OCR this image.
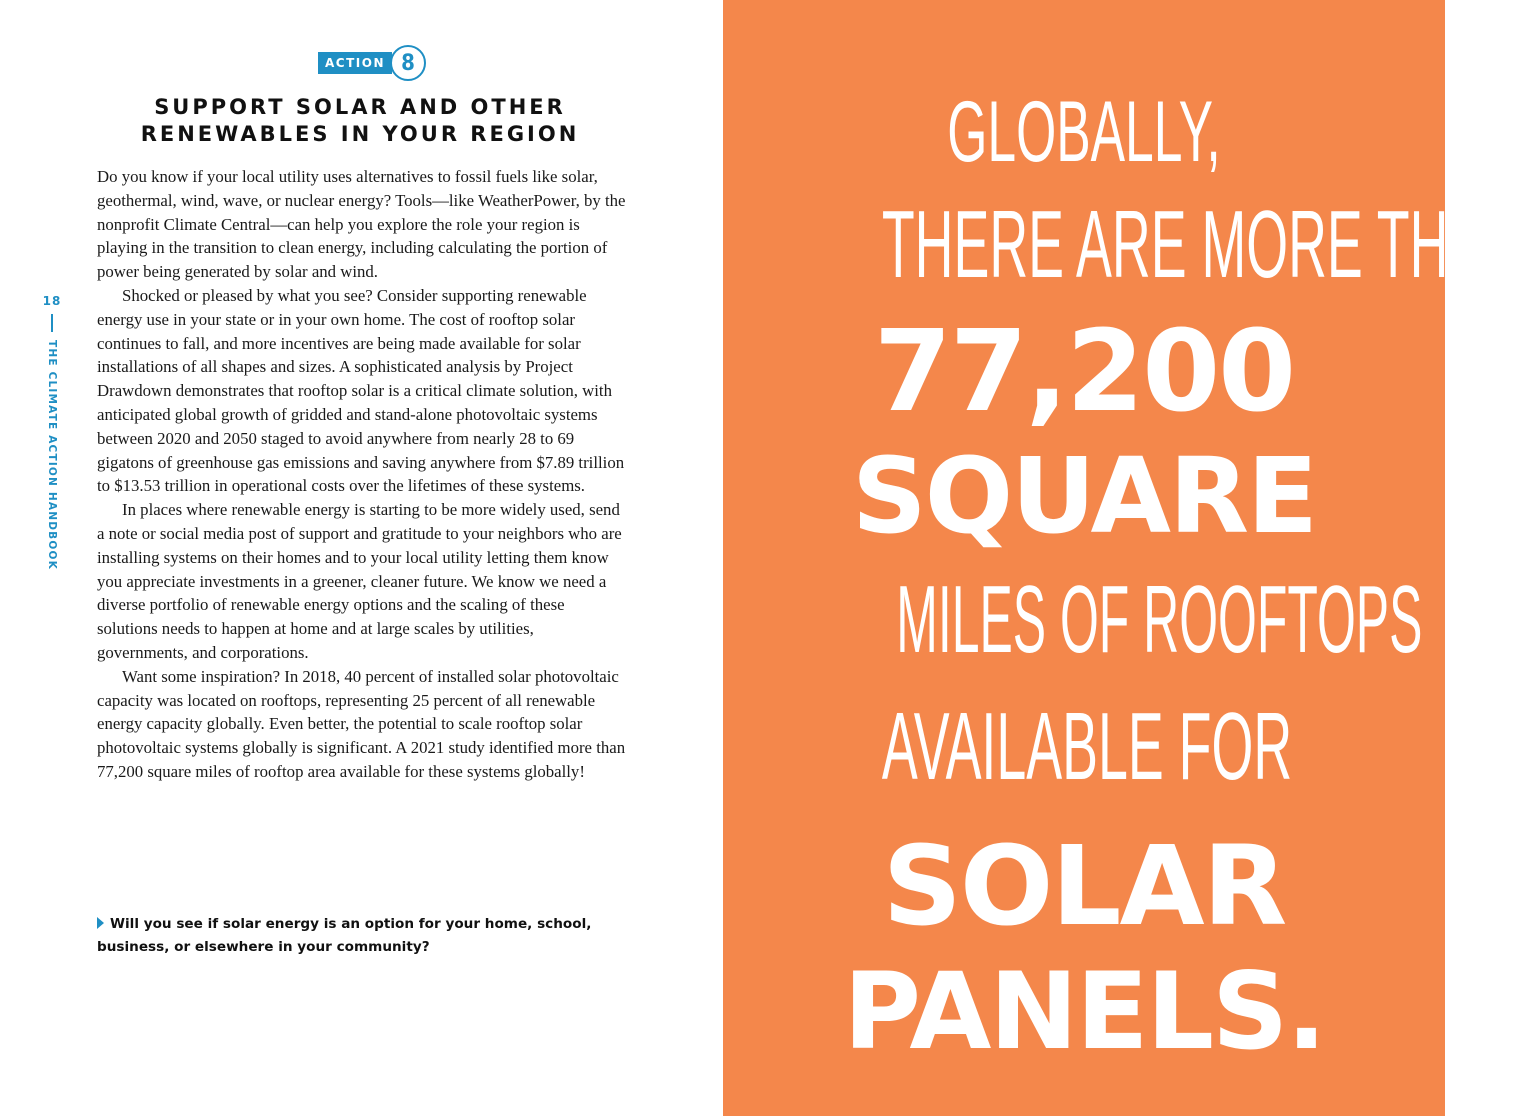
18
THE CLIMATE ACTION HANDBOOK
ACTION 8
SUPPORT SOLAR AND OTHER
RENEWABLES IN YOUR REGION

Do you know if your local utility uses alternatives to fossil fuels like solar, geothermal, wind, wave, or nuclear energy? Tools—like WeatherPower, by the nonprofit Climate Central—can help you explore the role your region is playing in the transition to clean energy, including calculating the portion of power being generated by solar and wind.

Shocked or pleased by what you see? Consider supporting renewable energy use in your state or in your own home. The cost of rooftop solar continues to fall, and more incentives are being made available for solar installations of all shapes and sizes. A sophisticated analysis by Project Drawdown demonstrates that rooftop solar is a critical climate solution, with anticipated global growth of gridded and stand-alone photovoltaic systems between 2020 and 2050 staged to avoid anywhere from nearly 28 to 69 gigatons of greenhouse gas emissions and saving anywhere from $7.89 trillion to $13.53 trillion in operational costs over the lifetimes of these systems.

In places where renewable energy is starting to be more widely used, send a note or social media post of support and gratitude to your neighbors who are installing systems on their homes and to your local utility letting them know you appreciate investments in a greener, cleaner future. We know we need a diverse portfolio of renewable energy options and the scaling of these solutions needs to happen at home and at large scales by utilities, governments, and corporations.

Want some inspiration? In 2018, 40 percent of installed solar photovoltaic capacity was located on rooftops, representing 25 percent of all renewable energy capacity globally. Even better, the potential to scale rooftop solar photovoltaic systems globally is significant. A 2021 study identified more than 77,200 square miles of rooftop area available for these systems globally!

Will you see if solar energy is an option for your home, school, business, or elsewhere in your community?
GLOBALLY,
THERE ARE MORE THAN
77,200
SQUARE
MILES OF ROOFTOPS
AVAILABLE FOR
SOLAR
PANELS.
